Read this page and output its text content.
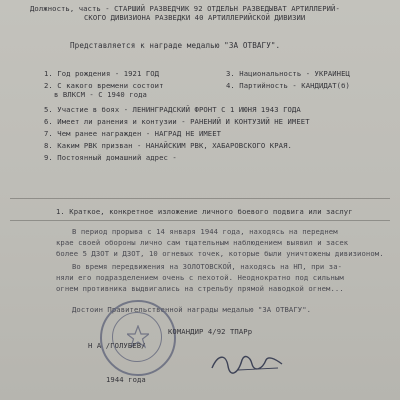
Должность, часть - СТАРШИЙ РАЗВЕДЧИК 92 ОТДЕЛЬН РАЗВЕДЫВАТ АРТИЛЛЕРИЙ-
СКОГО ДИВИЗИОНА РАЗВЕДКИ 40 АРТИЛЛЕРИЙСКОЙ ДИВИЗИИ
Представляется к награде медалью "ЗА ОТВАГУ".
1. Год рождения - 1921 ГОД	3. Национальность - УКРАИНЕЦ
2. С какого времени состоит	4. Партийность - КАНДИДАТ(б)
в ВЛКСМ - С 1940 года
5. Участие в боях - ЛЕНИНГРАДСКИЙ ФРОНТ С 1 ИЮНЯ 1943 ГОДА
6. Имеет ли ранения и контузии - РАНЕНИЙ И КОНТУЗИЙ НЕ ИМЕЕТ
7. Чем ранее награжден - НАГРАД НЕ ИМЕЕТ
8. Каким РВК призван - НАНАЙСКИМ РВК, ХАБАРОВСКОГО КРАЯ.
9. Постоянный домашний адрес -
1. Краткое, конкретное изложение личного боевого подвига или заслуг
В период прорыва с 14 января 1944 года, находясь на переднем
крае своей обороны лично сам тщательным наблюдением выявил и засек
более 5 ДЗОТ и ДЗОТ, 10 огневых точек, которые были уничтожены дивизионом.
Во время передвижения на ЗОЛОТОВСКОЙ, находясь на НП, при за-
няли его подразделением очень с пехотой. Неоднократно под сильным
огнем противника выдвигались на стрельбу прямой наводкой огнем...
Достоин Правительственной награды медалью "ЗА ОТВАГУ".
КОМАНДИР 4/92 ТПАРр
Н А /ГОЛУБЕВ/
1944 года
